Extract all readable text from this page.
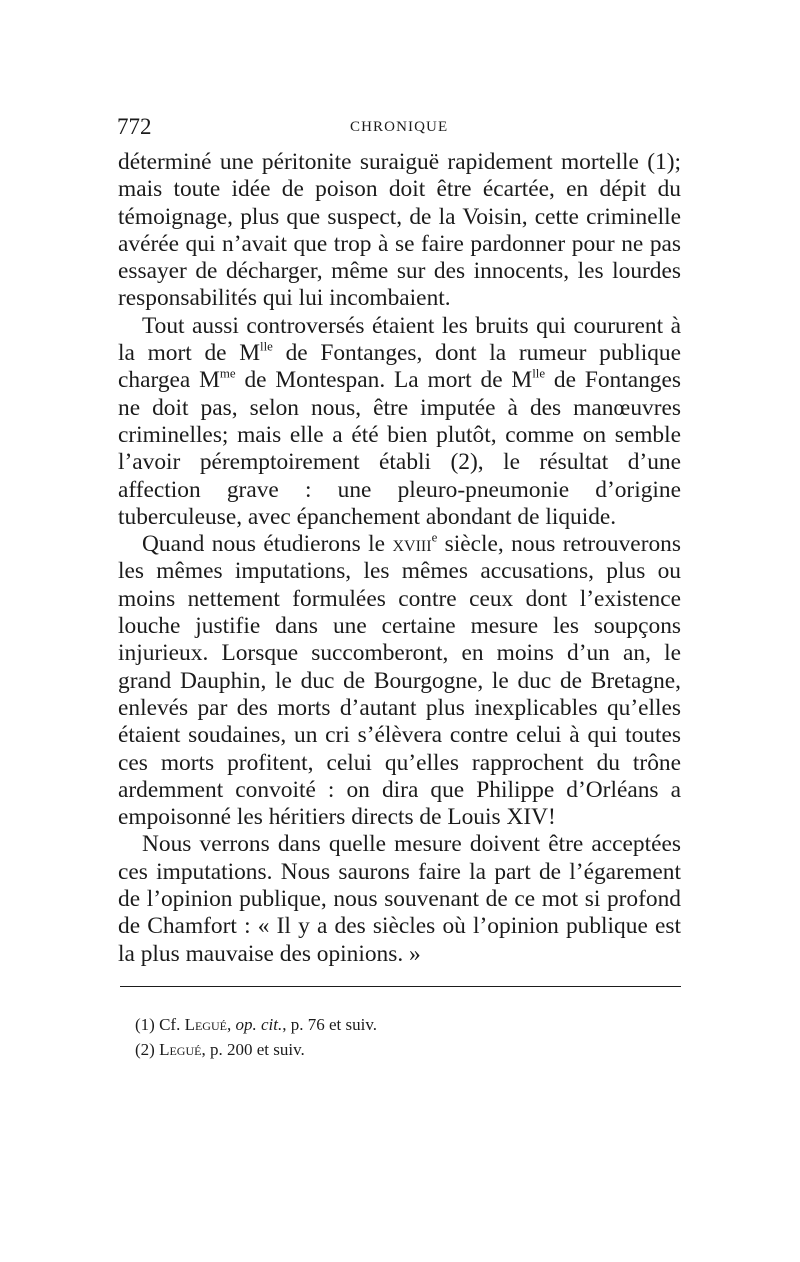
772	CHRONIQUE

déterminé une péritonite suraiguë rapidement mortelle (1); mais toute idée de poison doit être écartée, en dépit du témoignage, plus que suspect, de la Voisin, cette criminelle avérée qui n’avait que trop à se faire pardonner pour ne pas essayer de décharger, même sur des innocents, les lourdes responsabilités qui lui incombaient.

Tout aussi controversés étaient les bruits qui coururent à la mort de $M^{lle}$ de Fontanges, dont la rumeur publique chargea $M^{me}$ de Montespan. La mort de $M^{lle}$ de Fontanges ne doit pas, selon nous, être imputée à des manœuvres criminelles; mais elle a été bien plutôt, comme on semble l’avoir péremptoirement établi (2), le résultat d’une affection grave : une pleuro-pneumonie d’origine tuberculeuse, avec épanchement abondant de liquide.

Quand nous étudierons le xviii$^e$ siècle, nous retrouverons les mêmes imputations, les mêmes accusations, plus ou moins nettement formulées contre ceux dont l’existence louche justifie dans une certaine mesure les soupçons injurieux. Lorsque succomberont, en moins d’un an, le grand Dauphin, le duc de Bourgogne, le duc de Bretagne, enlevés par des morts d’autant plus inexplicables qu’elles étaient soudaines, un cri s’élèvera contre celui à qui toutes ces morts profitent, celui qu’elles rapprochent du trône ardemment convoité : on dira que Philippe d’Orléans a empoisonné les héritiers directs de Louis XIV!

Nous verrons dans quelle mesure doivent être acceptées ces imputations. Nous saurons faire la part de l’égarement de l’opinion publique, nous souvenant de ce mot si profond de Chamfort : « Il y a des siècles où l’opinion publique est la plus mauvaise des opinions. »

(1) Cf. Legué, op. cit., p. 76 et suiv.

(2) Legué, p. 200 et suiv.
